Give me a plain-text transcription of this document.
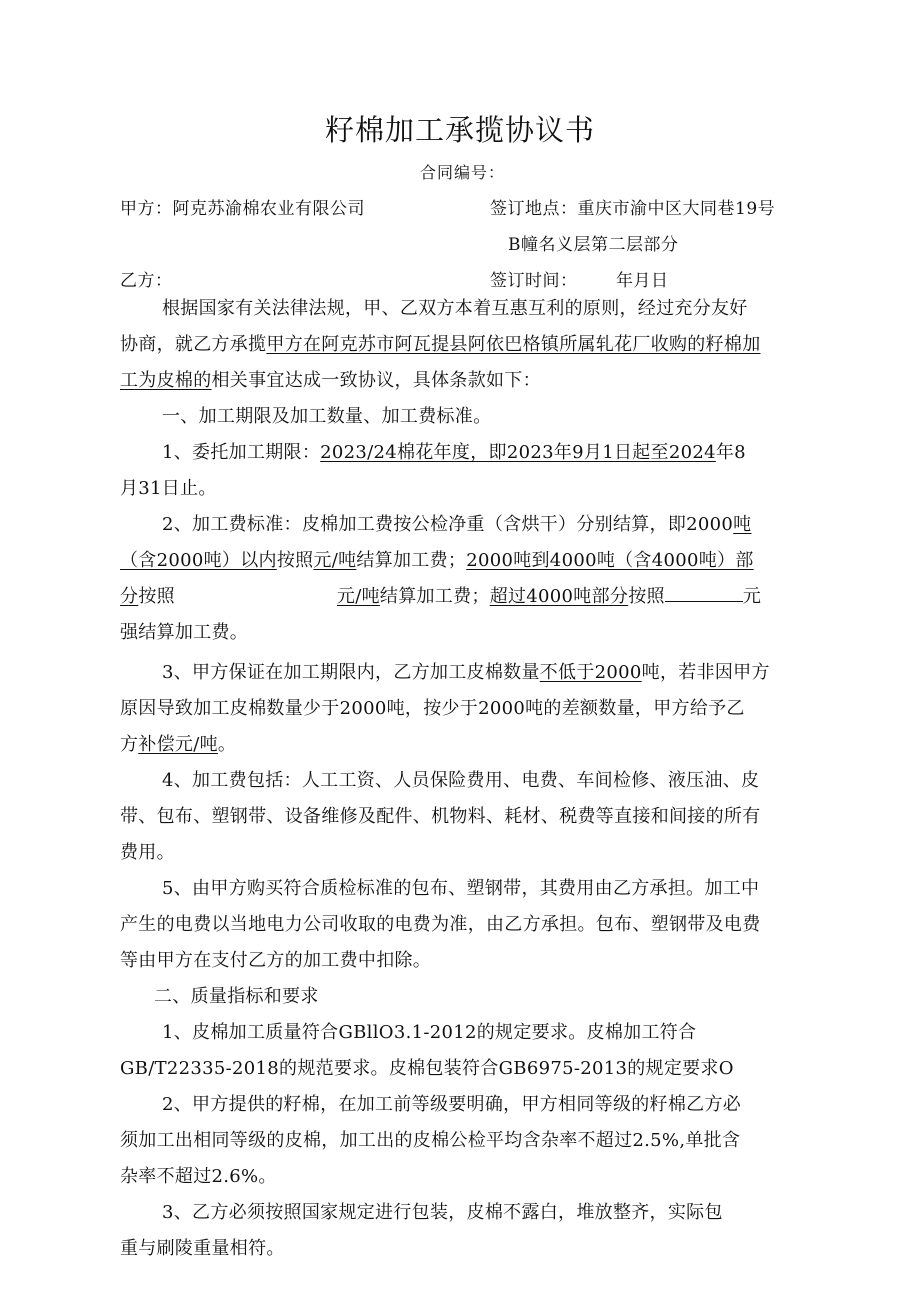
籽棉加工承揽协议书
合同编号：
甲方：阿克苏渝棉农业有限公司	签订地点：重庆市渝中区大同巷19号
B幢名义层第二层部分
乙方：	签订时间： 年月日
根据国家有关法律法规，甲、乙双方本着互惠互利的原则，经过充分友好
协商，就乙方承揽甲方在阿克苏市阿瓦提县阿依巴格镇所属轧花厂收购的籽棉加
工为皮棉的相关事宜达成一致协议，具体条款如下：
一、加工期限及加工数量、加工费标准。
1、委托加工期限：2023/24棉花年度，即2023年9月1日起至2024年8
月31日止。
2、加工费标准：皮棉加工费按公检净重（含烘干）分别结算，即2000吨
（含2000吨）以内按照元/吨结算加工费；2000吨到4000吨（含4000吨）部
分按照	元/吨结算加工费；超过4000吨部分按照	元
强结算加工费。
3、甲方保证在加工期限内，乙方加工皮棉数量不低于2000吨，若非因甲方
原因导致加工皮棉数量少于2000吨，按少于2000吨的差额数量，甲方给予乙
方补偿元/吨。
4、加工费包括：人工工资、人员保险费用、电费、车间检修、液压油、皮
带、包布、塑钢带、设备维修及配件、机物料、耗材、税费等直接和间接的所有
费用。
5、由甲方购买符合质检标准的包布、塑钢带，其费用由乙方承担。加工中
产生的电费以当地电力公司收取的电费为准，由乙方承担。包布、塑钢带及电费
等由甲方在支付乙方的加工费中扣除。
二、质量指标和要求
1、皮棉加工质量符合GBllO3.1-2012的规定要求。皮棉加工符合
GB/T22335-2018的规范要求。皮棉包装符合GB6975-2013的规定要求O
2、甲方提供的籽棉，在加工前等级要明确，甲方相同等级的籽棉乙方必
须加工出相同等级的皮棉，加工出的皮棉公检平均含杂率不超过2.5%,单批含
杂率不超过2.6%。
3、乙方必须按照国家规定进行包装，皮棉不露白，堆放整齐，实际包
重与刷陵重量相符。
